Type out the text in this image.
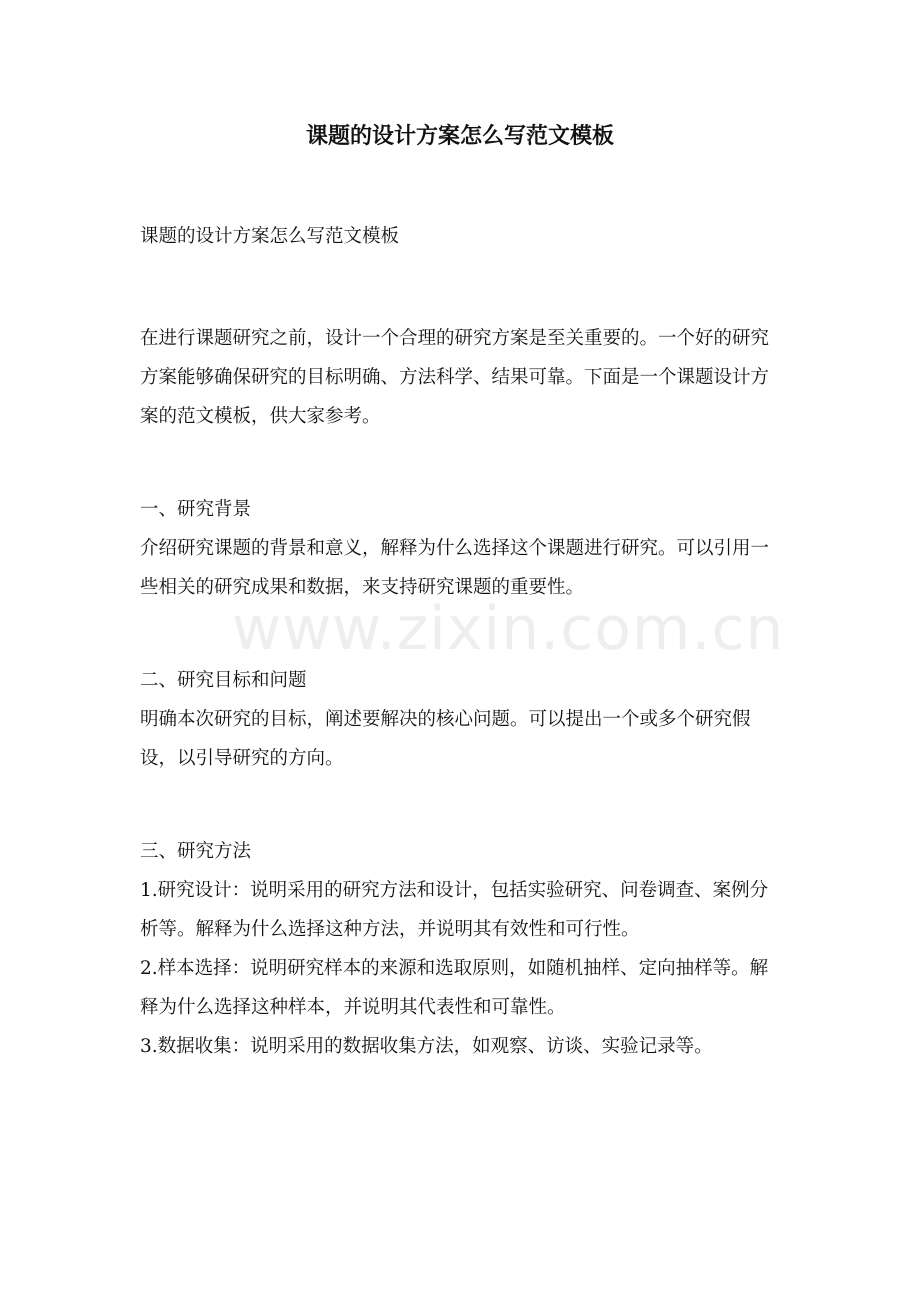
课题的设计方案怎么写范文模板

课题的设计方案怎么写范文模板

在进行课题研究之前，设计一个合理的研究方案是至关重要的。一个好的研究方案能够确保研究的目标明确、方法科学、结果可靠。下面是一个课题设计方案的范文模板，供大家参考。

一、研究背景

介绍研究课题的背景和意义，解释为什么选择这个课题进行研究。可以引用一些相关的研究成果和数据，来支持研究课题的重要性。

二、研究目标和问题

明确本次研究的目标，阐述要解决的核心问题。可以提出一个或多个研究假设，以引导研究的方向。

三、研究方法

1.研究设计：说明采用的研究方法和设计，包括实验研究、问卷调查、案例分析等。解释为什么选择这种方法，并说明其有效性和可行性。

2.样本选择：说明研究样本的来源和选取原则，如随机抽样、定向抽样等。解释为什么选择这种样本，并说明其代表性和可靠性。

3.数据收集：说明采用的数据收集方法，如观察、访谈、实验记录等。

www.zixin.com.cn
